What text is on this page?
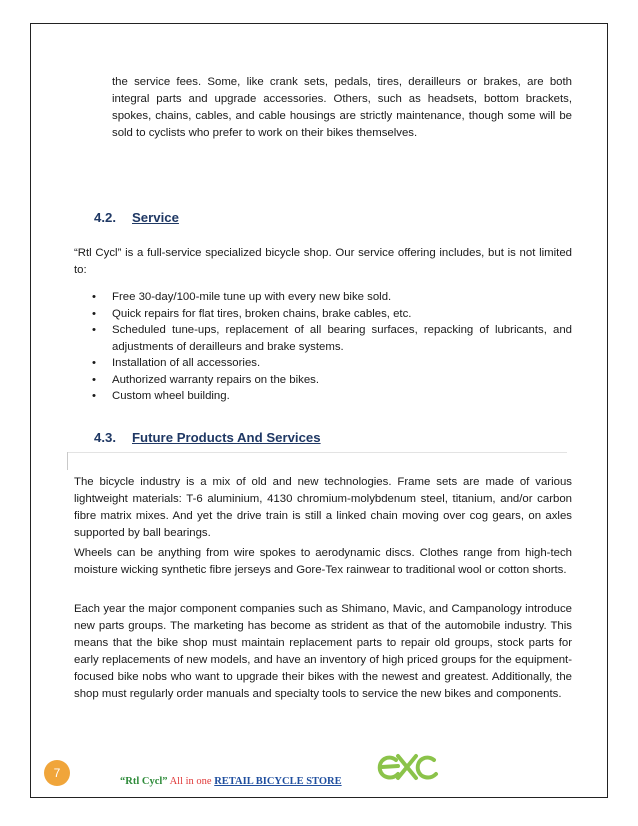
the service fees. Some, like crank sets, pedals, tires, derailleurs or brakes, are both integral parts and upgrade accessories. Others, such as headsets, bottom brackets, spokes, chains, cables, and cable housings are strictly maintenance, though some will be sold to cyclists who prefer to work on their bikes themselves.

4.2. Service

“Rtl Cycl” is a full-service specialized bicycle shop. Our service offering includes, but is not limited to:

• Free 30-day/100-mile tune up with every new bike sold.
• Quick repairs for flat tires, broken chains, brake cables, etc.
• Scheduled tune-ups, replacement of all bearing surfaces, repacking of lubricants, and adjustments of derailleurs and brake systems.
• Installation of all accessories.
• Authorized warranty repairs on the bikes.
• Custom wheel building.
4.3. Future Products And Services

The bicycle industry is a mix of old and new technologies. Frame sets are made of various lightweight materials: T-6 aluminium, 4130 chromium-molybdenum steel, titanium, and/or carbon fibre matrix mixes. And yet the drive train is still a linked chain moving over cog gears, on axles supported by ball bearings.

Wheels can be anything from wire spokes to aerodynamic discs. Clothes range from high-tech moisture wicking synthetic fibre jerseys and Gore-Tex rainwear to traditional wool or cotton shorts.

Each year the major component companies such as Shimano, Mavic, and Campanology introduce new parts groups. The marketing has become as strident as that of the automobile industry. This means that the bike shop must maintain replacement parts to repair old groups, stock parts for early replacements of new models, and have an inventory of high priced groups for the equipment-focused bike nobs who want to upgrade their bikes with the newest and greatest. Additionally, the shop must regularly order manuals and specialty tools to service the new bikes and components.

7
“Rtl Cycl” All in one RETAIL BICYCLE STORE
